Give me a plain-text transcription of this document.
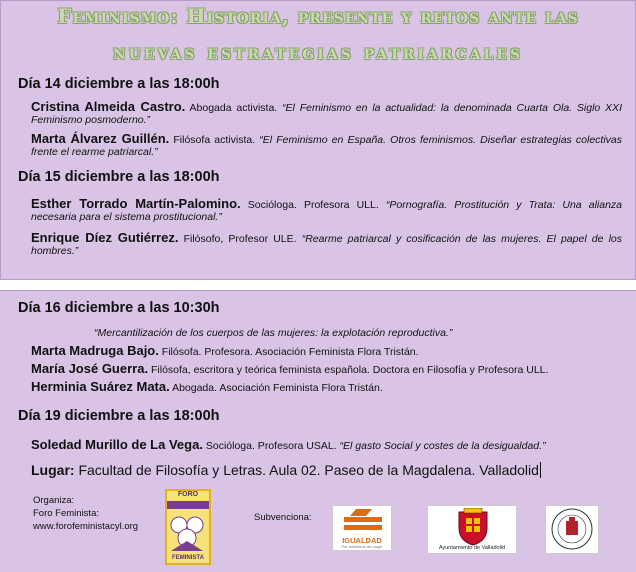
Feminismo: Historia, presente y retos ante las
nuevas estrategias patriarcales
Día 14 diciembre a las 18:00h
Cristina Almeida Castro. Abogada activista. “El Feminismo en la actualidad: la denominada Cuarta Ola. Siglo XXI Feminismo posmoderno.”
Marta Álvarez Guillén. Filósofa activista. “El Feminismo en España. Otros feminismos. Diseñar estrategias colectivas frente el rearme patriarcal.”
Día 15 diciembre a las 18:00h
Esther Torrado Martín-Palomino. Socióloga. Profesora ULL. “Pornografía. Prostitución y Trata: Una alianza necesaria para el sistema prostitucional.”
Enrique Díez Gutiérrez. Filósofo, Profesor ULE. “Rearme patriarcal y cosificación de las mujeres. El papel de los hombres.”
Día 16 diciembre a las 10:30h
“Mercantilización de los cuerpos de las mujeres: la explotación reproductiva.”
Marta Madruga Bajo. Filósofa. Profesora. Asociación Feminista Flora Tristán.
María José Guerra. Filósofa, escritora y teórica feminista española. Doctora en Filosofía y Profesora ULL.
Herminia Suárez Mata. Abogada. Asociación Feminista Flora Tristán.
Día 19 diciembre a las 18:00h
Soledad Murillo de La Vega. Socióloga. Profesora USAL. “El gasto Social y costes de la desigualdad.”
Lugar: Facultad de Filosofía y Letras. Aula 02. Paseo de la Magdalena. Valladolid
Organiza:
Foro Feminista:
www.forofeministacyl.org
FORO
FEMINISTA
Subvenciona:
IGUALDAD
Por ministerio de mujer	Ayuntamiento de Valladolid
